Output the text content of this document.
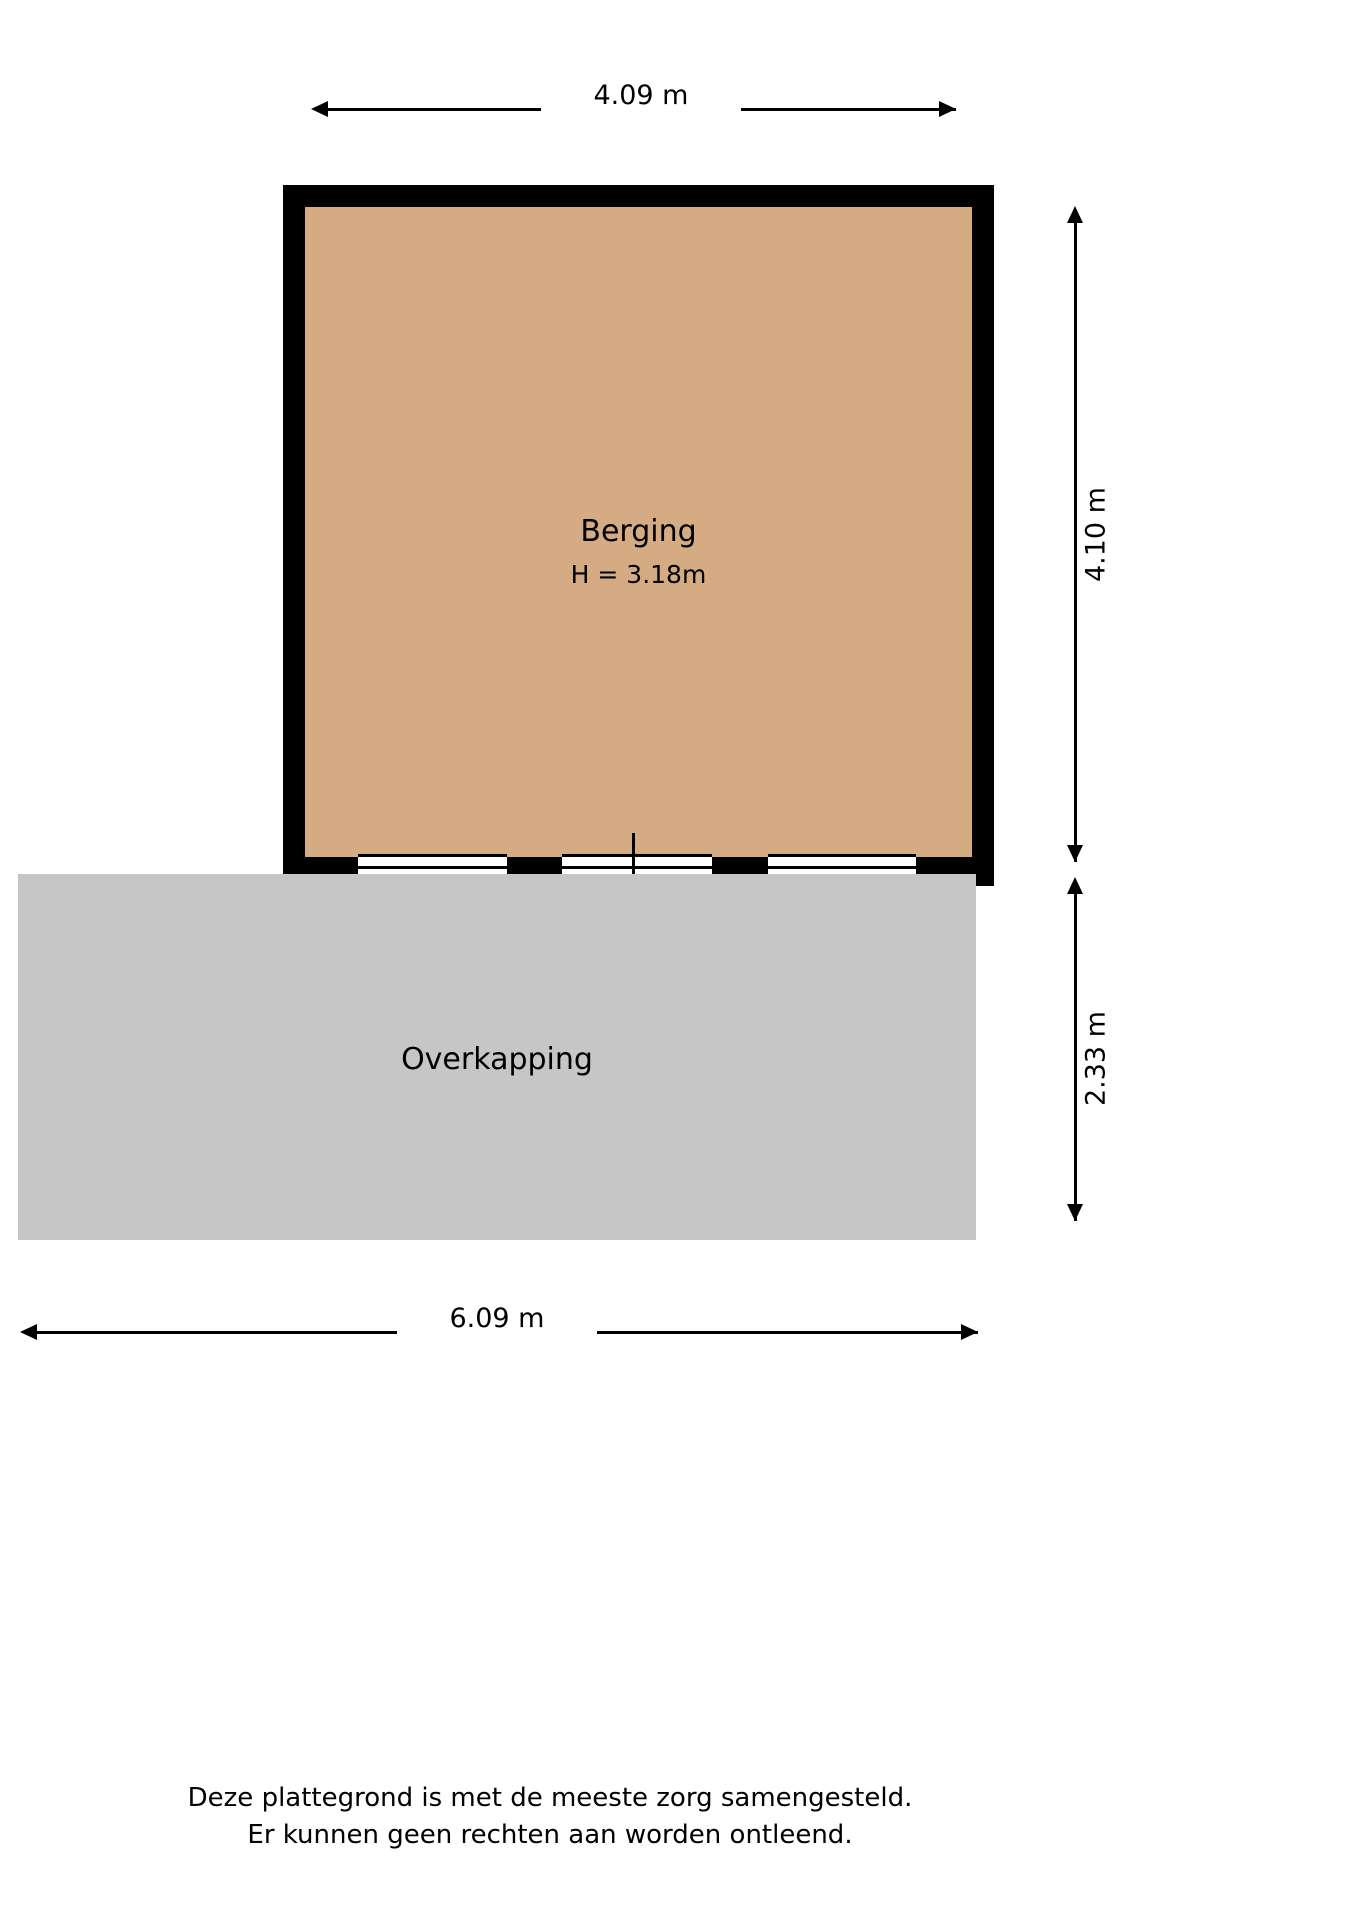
4.09 m
Berging
H = 3.18m
Overkapping
4.10 m
2.33 m
6.09 m
Deze plattegrond is met de meeste zorg samengesteld.
Er kunnen geen rechten aan worden ontleend.
